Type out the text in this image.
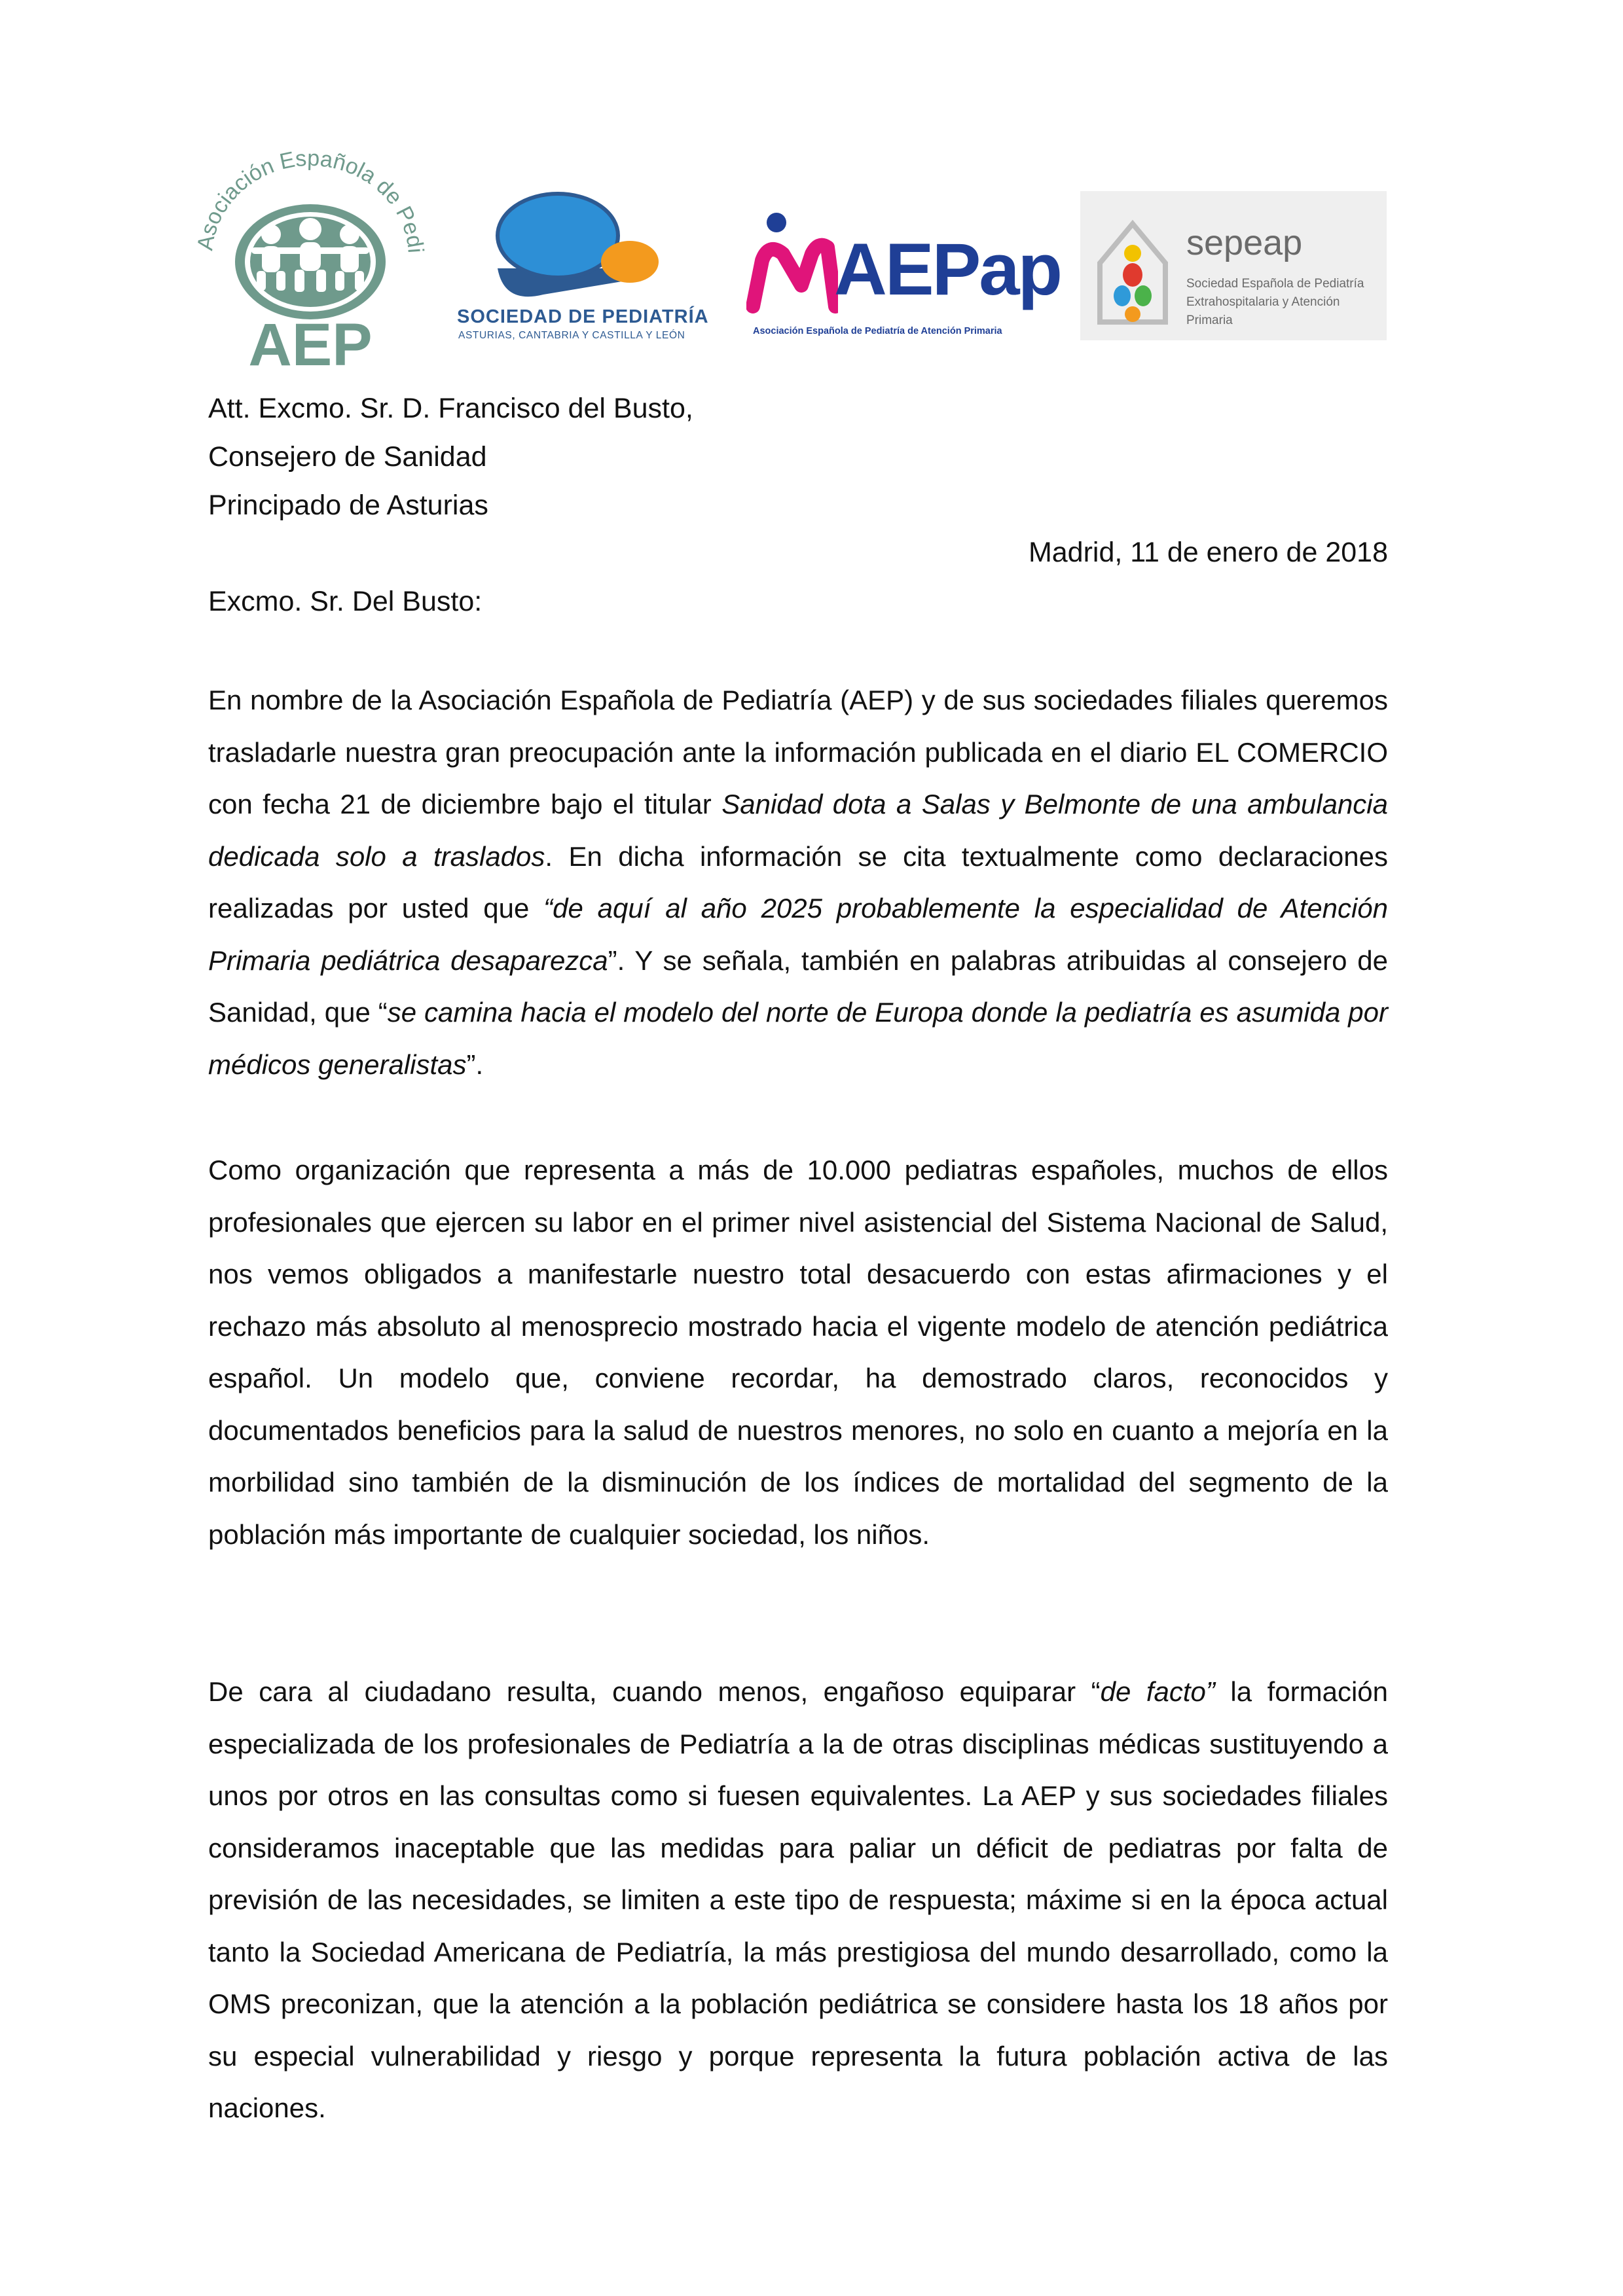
Asociación Española de Pedi
AEP	SOCIEDAD DE PEDIATRÍA
ASTURIAS, CANTABRIA Y CASTILLA Y LEÓN
AEPap
Asociación Española de Pediatría de Atención Primaria
sepeap
Sociedad Española de Pediatría
Extrahospitalaria y Atención Primaria
Att. Excmo. Sr. D. Francisco del Busto,
Consejero de Sanidad
Principado de Asturias
Madrid, 11 de enero de 2018
Excmo. Sr. Del Busto:

En nombre de la Asociación Española de Pediatría (AEP) y de sus sociedades filiales queremos trasladarle nuestra gran preocupación ante la información publicada en el diario EL COMERCIO con fecha 21 de diciembre bajo el titular Sanidad dota a Salas y Belmonte de una ambulancia dedicada solo a traslados. En dicha información se cita textualmente como declaraciones realizadas por usted que “de aquí al año 2025 probablemente la especialidad de Atención Primaria pediátrica desaparezca”. Y se señala, también en palabras atribuidas al consejero de Sanidad, que “se camina hacia el modelo del norte de Europa donde la pediatría es asumida por médicos generalistas”.

Como organización que representa a más de 10.000 pediatras españoles, muchos de ellos profesionales que ejercen su labor en el primer nivel asistencial del Sistema Nacional de Salud, nos vemos obligados a manifestarle nuestro total desacuerdo con estas afirmaciones y el rechazo más absoluto al menosprecio mostrado hacia el vigente modelo de atención pediátrica español. Un modelo que, conviene recordar, ha demostrado claros, reconocidos y documentados beneficios para la salud de nuestros menores, no solo en cuanto a mejoría en la morbilidad sino también de la disminución de los índices de mortalidad del segmento de la población más importante de cualquier sociedad, los niños.

De cara al ciudadano resulta, cuando menos, engañoso equiparar “de facto” la formación especializada de los profesionales de Pediatría a la de otras disciplinas médicas sustituyendo a unos por otros en las consultas como si fuesen equivalentes. La AEP y sus sociedades filiales consideramos inaceptable que las medidas para paliar un déficit de pediatras por falta de previsión de las necesidades, se limiten a este tipo de respuesta; máxime si en la época actual tanto la Sociedad Americana de Pediatría, la más prestigiosa del mundo desarrollado, como la OMS preconizan, que la atención a la población pediátrica se considere hasta los 18 años por su especial vulnerabilidad y riesgo y porque representa la futura población activa de las naciones.
